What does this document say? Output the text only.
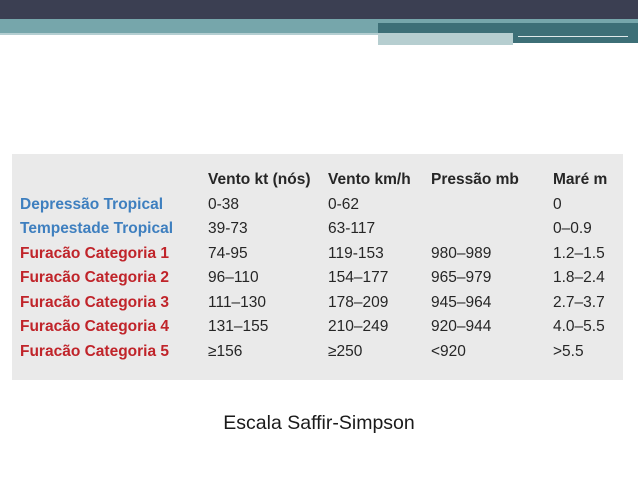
	Vento kt (nós)	Vento km/h	Pressão mb	Maré m
Depressão Tropical	0-38	0-62		0
Tempestade Tropical	39-73	63-117		0–0.9
Furacão Categoria 1	74-95	119-153	980–989	1.2–1.5
Furacão Categoria 2	96–110	154–177	965–979	1.8–2.4
Furacão Categoria 3	111–130	178–209	945–964	2.7–3.7
Furacão Categoria 4	131–155	210–249	920–944	4.0–5.5
Furacão Categoria 5	≥156	≥250	<920	>5.5
Escala Saffir-Simpson
